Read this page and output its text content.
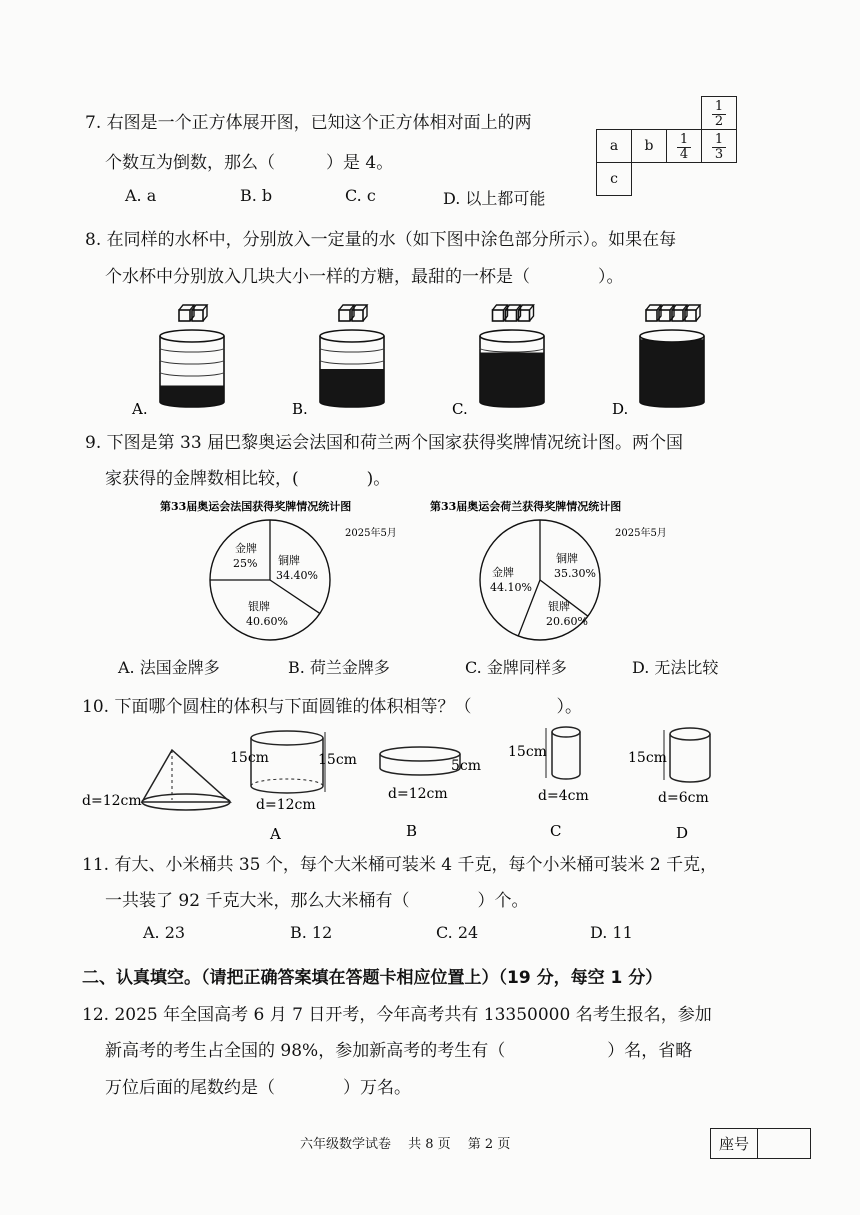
7. 右图是一个正方体展开图，已知这个正方体相对面上的两
个数互为倒数，那么（　　　）是 4。
A. a	B. b	C. c	D. 以上都可能

			$\frac{1}{2}$

a	b	$\frac{1}{4}$	$\frac{1}{3}$

c			
8. 在同样的水杯中，分别放入一定量的水（如下图中涂色部分所示）。如果在每
个水杯中分别放入几块大小一样的方糖，最甜的一杯是（　　　　）。
A.	B.	C.	D.
9. 下图是第 33 届巴黎奥运会法国和荷兰两个国家获得奖牌情况统计图。两个国
家获得的金牌数相比较，(　　　　)。
第33届奥运会法国获得奖牌情况统计图
2025年5月
铜牌
34.40%
银牌
40.60%
金牌
25%
第33届奥运会荷兰获得奖牌情况统计图
2025年5月
铜牌
35.30%
银牌
20.60%
金牌
44.10%
A. 法国金牌多	B. 荷兰金牌多	C. 金牌同样多	D. 无法比较
10. 下面哪个圆柱的体积与下面圆锥的体积相等？（　　　　　）。
15cm
d=12cm
15cm
d=12cm
A
5cm
d=12cm
B
15cm
d=4cm
C
15cm
d=6cm
D
11. 有大、小米桶共 35 个，每个大米桶可装米 4 千克，每个小米桶可装米 2 千克，
一共装了 92 千克大米，那么大米桶有（　　　　）个。
A. 23	B. 12	C. 24	D. 11
二、认真填空。（请把正确答案填在答题卡相应位置上）（19 分，每空 1 分）
12. 2025 年全国高考 6 月 7 日开考，今年高考共有 13350000 名考生报名，参加
新高考的考生占全国的 98%，参加新高考的考生有（　　　　　　）名，省略
万位后面的尾数约是（　　　　）万名。
六年级数学试卷　 共 8 页　 第 2 页	座号
